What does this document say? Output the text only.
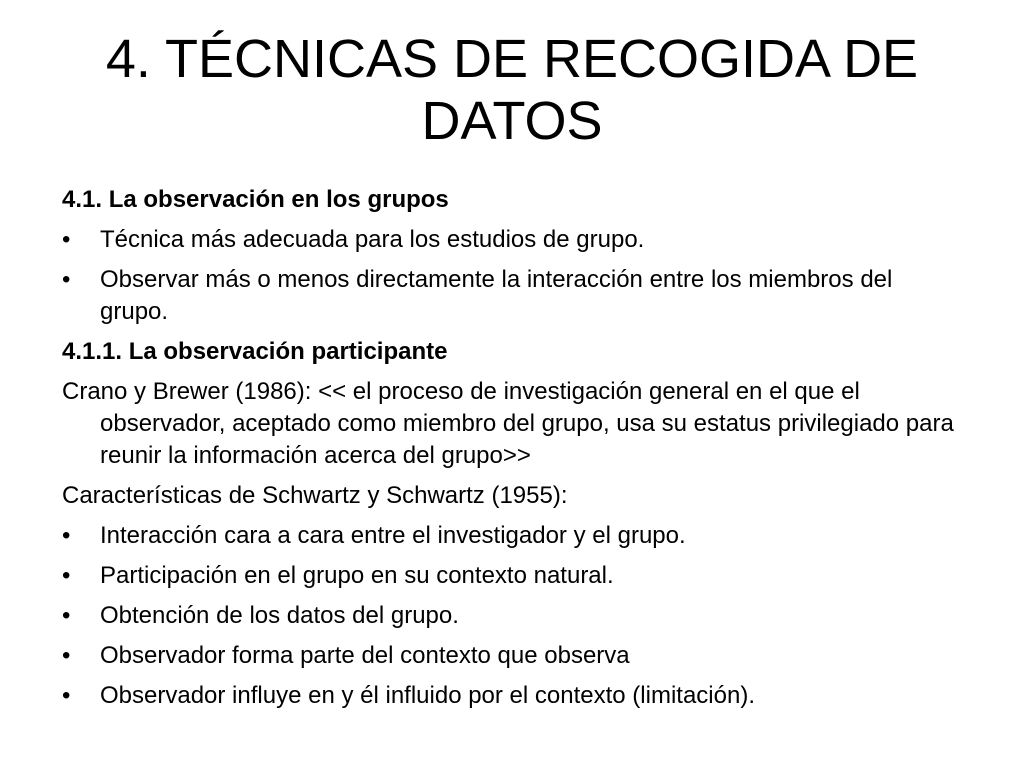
4. TÉCNICAS DE RECOGIDA DE DATOS
4.1. La observación en los grupos
•	Técnica más adecuada para los estudios de grupo.
•	Observar más o menos directamente la interacción entre los miembros del grupo.
4.1.1. La observación participante
Crano y Brewer (1986): << el proceso de investigación general en el que el observador, aceptado como miembro del grupo, usa su estatus privilegiado para reunir la información acerca del grupo>>
Características de Schwartz y Schwartz (1955):
•	Interacción cara a cara entre el investigador y el grupo.
•	Participación en el grupo en su contexto natural.
•	Obtención de los datos del grupo.
•	Observador forma parte del contexto que observa
•	Observador influye en y él influido por el contexto (limitación).
